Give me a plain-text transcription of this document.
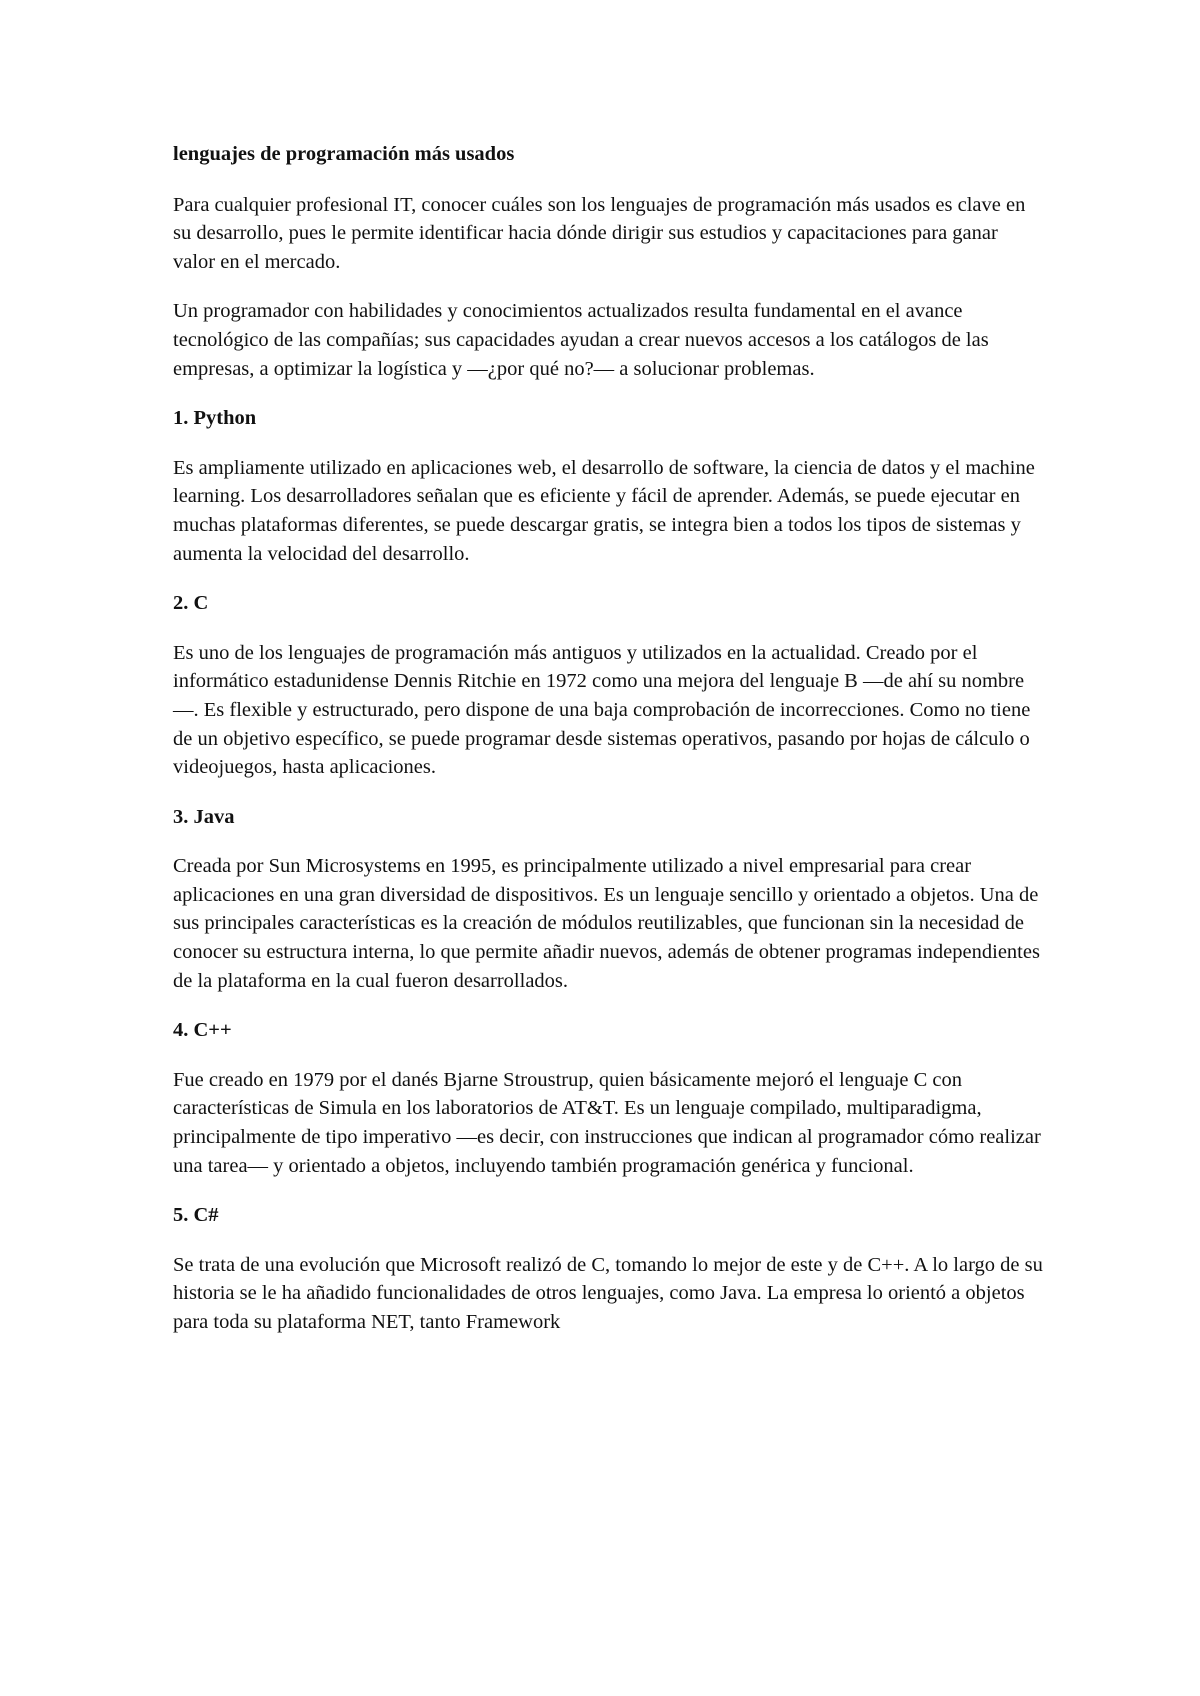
lenguajes de programación más usados

Para cualquier profesional IT, conocer cuáles son los lenguajes de programación más usados es clave en su desarrollo, pues le permite identificar hacia dónde dirigir sus estudios y capacitaciones para ganar valor en el mercado.

Un programador con habilidades y conocimientos actualizados resulta fundamental en el avance tecnológico de las compañías; sus capacidades ayudan a crear nuevos accesos a los catálogos de las empresas, a optimizar la logística y —¿por qué no?— a solucionar problemas.

1. Python

Es ampliamente utilizado en aplicaciones web, el desarrollo de software, la ciencia de datos y el machine learning. Los desarrolladores señalan que es eficiente y fácil de aprender. Además, se puede ejecutar en muchas plataformas diferentes, se puede descargar gratis, se integra bien a todos los tipos de sistemas y aumenta la velocidad del desarrollo.

2. C

Es uno de los lenguajes de programación más antiguos y utilizados en la actualidad. Creado por el informático estadunidense Dennis Ritchie en 1972 como una mejora del lenguaje B —de ahí su nombre—. Es flexible y estructurado, pero dispone de una baja comprobación de incorrecciones. Como no tiene de un objetivo específico, se puede programar desde sistemas operativos, pasando por hojas de cálculo o videojuegos, hasta aplicaciones.

3. Java

Creada por Sun Microsystems en 1995, es principalmente utilizado a nivel empresarial para crear aplicaciones en una gran diversidad de dispositivos. Es un lenguaje sencillo y orientado a objetos. Una de sus principales características es la creación de módulos reutilizables, que funcionan sin la necesidad de conocer su estructura interna, lo que permite añadir nuevos, además de obtener programas independientes de la plataforma en la cual fueron desarrollados.

4. C++

Fue creado en 1979 por el danés Bjarne Stroustrup, quien básicamente mejoró el lenguaje C con características de Simula en los laboratorios de AT&T. Es un lenguaje compilado, multiparadigma, principalmente de tipo imperativo —es decir, con instrucciones que indican al programador cómo realizar una tarea— y orientado a objetos, incluyendo también programación genérica y funcional.

5. C#

Se trata de una evolución que Microsoft realizó de C, tomando lo mejor de este y de C++. A lo largo de su historia se le ha añadido funcionalidades de otros lenguajes, como Java. La empresa lo orientó a objetos para toda su plataforma NET, tanto Framework
